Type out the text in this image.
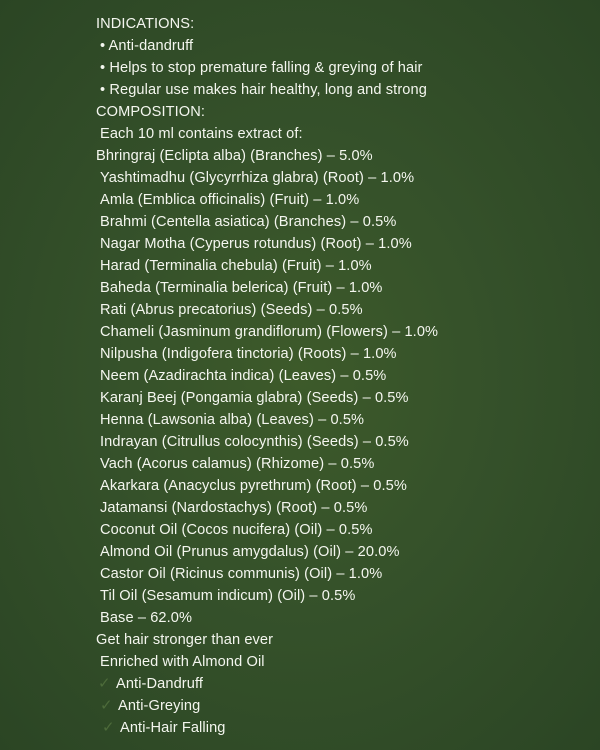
INDICATIONS:
• Anti-dandruff
• Helps to stop premature falling & greying of hair
• Regular use makes hair healthy, long and strong
COMPOSITION:
Each 10 ml contains extract of:
Bhringraj (Eclipta alba) (Branches) – 5.0%
Yashtimadhu (Glycyrrhiza glabra) (Root) – 1.0%
Amla (Emblica officinalis) (Fruit) – 1.0%
Brahmi (Centella asiatica) (Branches) – 0.5%
Nagar Motha (Cyperus rotundus) (Root) – 1.0%
Harad (Terminalia chebula) (Fruit) – 1.0%
Baheda (Terminalia belerica) (Fruit) – 1.0%
Rati (Abrus precatorius) (Seeds) – 0.5%
Chameli (Jasminum grandiflorum) (Flowers) – 1.0%
Nilpusha (Indigofera tinctoria) (Roots) – 1.0%
Neem (Azadirachta indica) (Leaves) – 0.5%
Karanj Beej (Pongamia glabra) (Seeds) – 0.5%
Henna (Lawsonia alba) (Leaves) – 0.5%
Indrayan (Citrullus colocynthis) (Seeds) – 0.5%
Vach (Acorus calamus) (Rhizome) – 0.5%
Akarkara (Anacyclus pyrethrum) (Root) – 0.5%
Jatamansi (Nardostachys) (Root) – 0.5%
Coconut Oil (Cocos nucifera) (Oil) – 0.5%
Almond Oil (Prunus amygdalus) (Oil) – 20.0%
Castor Oil (Ricinus communis) (Oil) – 1.0%
Til Oil (Sesamum indicum) (Oil) – 0.5%
Base – 62.0%
Get hair stronger than ever
Enriched with Almond Oil
✓ Anti-Dandruff
✓ Anti-Greying
✓ Anti-Hair Falling
